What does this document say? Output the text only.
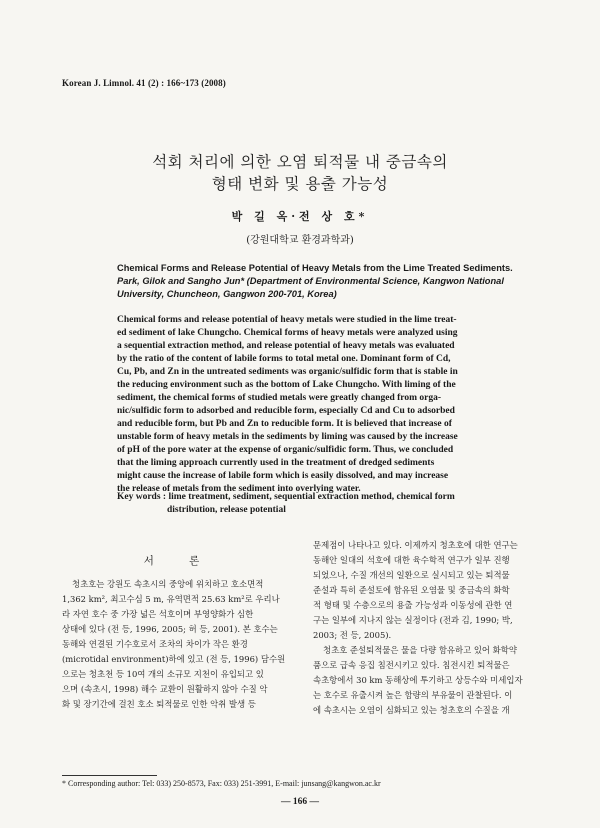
Korean J. Limnol. 41 (2) : 166~173 (2008)
석회 처리에 의한 오염 퇴적물 내 중금속의
형태 변화 및 용출 가능성
박 길 옥·전 상 호*
(강원대학교 환경과학과)
Chemical Forms and Release Potential of Heavy Metals from the Lime Treated Sediments.
Park, Gilok and Sangho Jun* (Department of Environmental Science, Kangwon National
University, Chuncheon, Gangwon 200-701, Korea)
Chemical forms and release potential of heavy metals were studied in the lime treat-
ed sediment of lake Chungcho. Chemical forms of heavy metals were analyzed using
a sequential extraction method, and release potential of heavy metals was evaluated
by the ratio of the content of labile forms to total metal one. Dominant form of Cd,
Cu, Pb, and Zn in the untreated sediments was organic/sulfidic form that is stable in
the reducing environment such as the bottom of Lake Chungcho. With liming of the
sediment, the chemical forms of studied metals were greatly changed from orga-
nic/sulfidic form to adsorbed and reducible form, especially Cd and Cu to adsorbed
and reducible form, but Pb and Zn to reducible form. It is believed that increase of
unstable form of heavy metals in the sediments by liming was caused by the increase
of pH of the pore water at the expense of organic/sulfidic form. Thus, we concluded
that the liming approach currently used in the treatment of dredged sediments
might cause the increase of labile form which is easily dissolved, and may increase
the release of metals from the sediment into overlying water.
Key words : lime treatment, sediment, sequential extraction method, chemical form
distribution, release potential
서 론
청초호는 강원도 속초시의 중앙에 위치하고 호소면적
1,362 km², 최고수심 5 m, 유역면적 25.63 km²로 우리나
라 자연 호수 중 가장 넓은 석호이며 부영양화가 심한
상태에 있다 (전 등, 1996, 2005; 허 등, 2001). 본 호수는
동해와 연결된 기수호로서 조차의 차이가 작은 환경
(microtidal environment)하에 있고 (전 등, 1996) 담수원
으로는 청초천 등 10여 개의 소규모 지천이 유입되고 있
으며 (속초시, 1998) 해수 교환이 원활하지 않아 수질 악
화 및 장기간에 걸친 호소 퇴적물로 인한 악취 발생 등
문제점이 나타나고 있다. 이제까지 청초호에 대한 연구는
동해안 일대의 석호에 대한 육수학적 연구가 일부 진행
되었으나, 수질 개선의 일환으로 실시되고 있는 퇴적물
준설과 특히 준설토에 함유된 오염물 및 중금속의 화학
적 형태 및 수층으로의 용출 가능성과 이동성에 관한 연
구는 일부에 지나지 않는 실정이다 (전과 김, 1990; 박,
2003; 전 등, 2005).
청초호 준설퇴적물은 물을 다량 함유하고 있어 화학약
품으로 급속 응집 침전시키고 있다. 침전시킨 퇴적물은
속초항에서 30 km 동해상에 투기하고 상등수와 미세입자
는 호수로 유출시켜 높은 함량의 부유물이 관찰된다. 이
에 속초시는 오염이 심화되고 있는 청초호의 수질을 개
* Corresponding author: Tel: 033) 250-8573, Fax: 033) 251-3991, E-mail: junsang@kangwon.ac.kr
— 166 —
